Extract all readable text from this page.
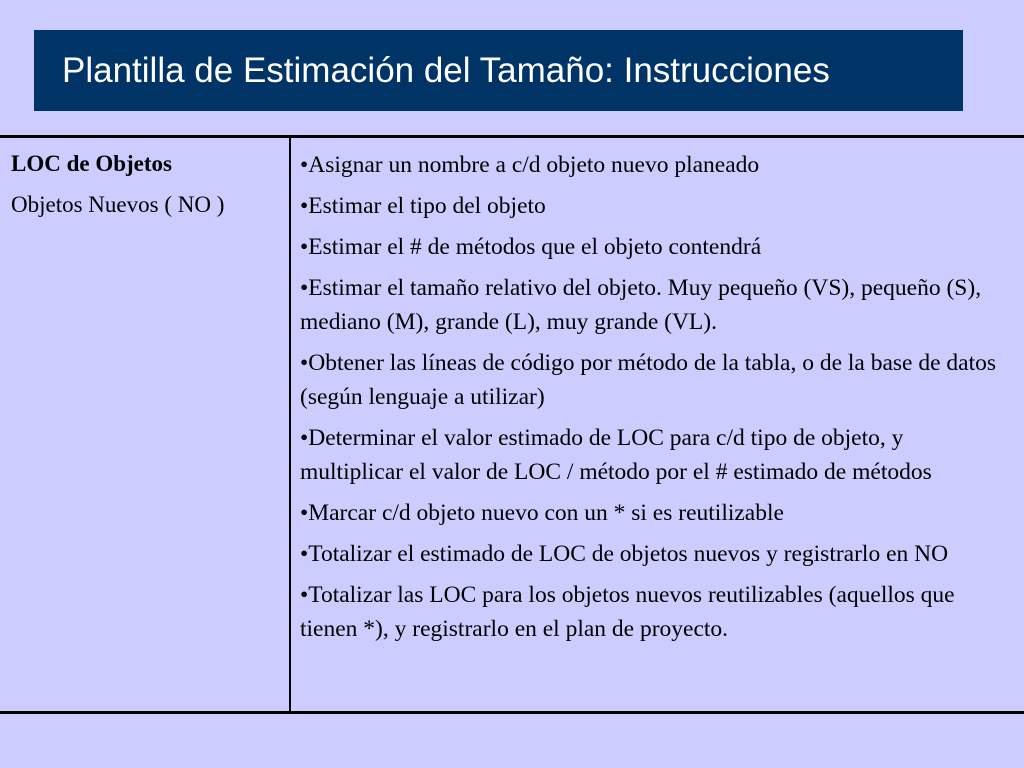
Plantilla de Estimación del Tamaño: Instrucciones
LOC de Objetos
Objetos Nuevos ( NO )
•Asignar un nombre a c/d objeto nuevo planeado
•Estimar el tipo del objeto
•Estimar el # de métodos que el objeto contendrá
•Estimar el tamaño relativo del objeto. Muy pequeño (VS), pequeño (S), mediano (M), grande (L), muy grande (VL).
•Obtener las líneas de código por método de la tabla, o de la base de datos (según lenguaje a utilizar)
•Determinar el valor estimado de LOC para c/d tipo de objeto, y multiplicar el valor de LOC / método por el # estimado de métodos
•Marcar c/d objeto nuevo con un * si es reutilizable
•Totalizar el estimado de LOC de objetos nuevos y registrarlo en NO
•Totalizar las LOC para los objetos nuevos reutilizables (aquellos que tienen *), y registrarlo en el plan de proyecto.
